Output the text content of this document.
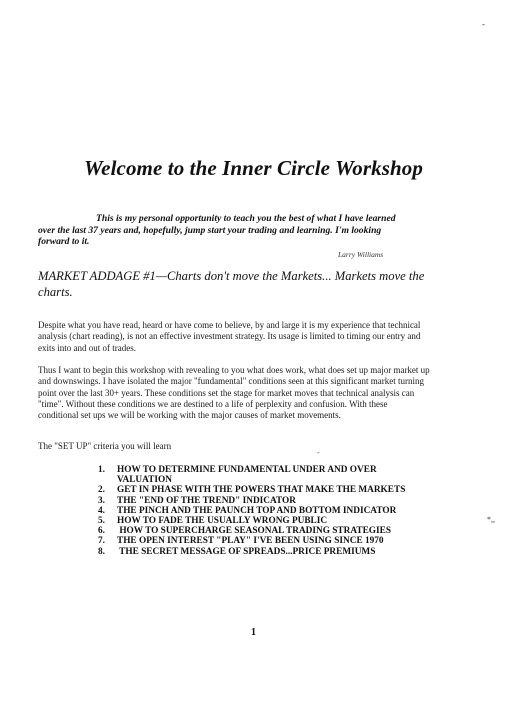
-
Welcome to the Inner Circle Workshop
This is my personal opportunity to teach you the best of what I have learned
over the last 37 years and, hopefully, jump start your trading and learning. I'm looking
forward to it.
Larry Williams
MARKET ADDAGE #1—Charts don't move the Markets... Markets move the charts.
Despite what you have read, heard or have come to believe, by and large it is my experience that technical analysis (chart reading), is not an effective investment strategy. Its usage is limited to timing our entry and exits into and out of trades.
Thus I want to begin this workshop with revealing to you what does work, what does set up major market up and downswings. I have isolated the major "fundamental" conditions seen at this significant market turning point over the last 30+ years. These conditions set the stage for market moves that technical analysis can "time". Without these conditions we are destined to a life of perplexity and confusion. With these conditional set ups we will be working with the major causes of market movements.
The "SET UP" criteria you will learn
-
1.	HOW TO DETERMINE FUNDAMENTAL UNDER AND OVER
VALUATION
2.	GET IN PHASE WITH THE POWERS THAT MAKE THE MARKETS
3.	THE "END OF THE TREND" INDICATOR
4.	THE PINCH AND THE PAUNCH TOP AND BOTTOM INDICATOR
5.	HOW TO FADE THE USUALLY WRONG PUBLIC
6.	HOW TO SUPERCHARGE SEASONAL TRADING STRATEGIES
7.	THE OPEN INTEREST "PLAY" I'VE BEEN USING SINCE 1970
8.	THE SECRET MESSAGE OF SPREADS...PRICE PREMIUMS
*,,
1
